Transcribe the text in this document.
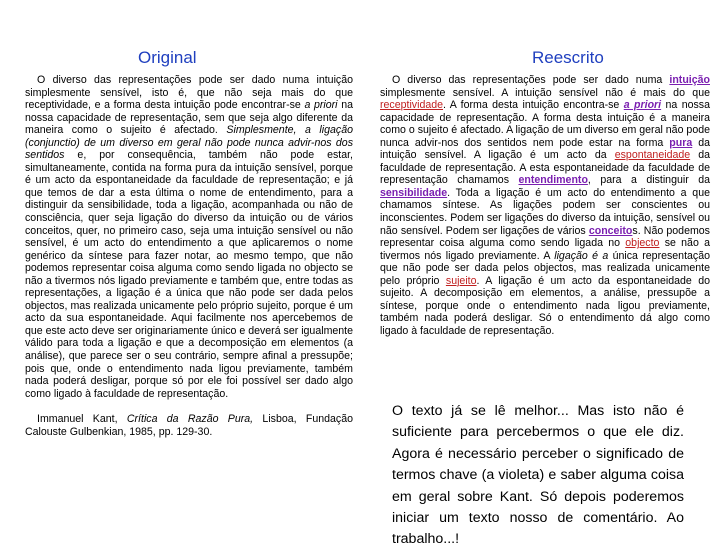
Original	Reescrito

O diverso das representações pode ser dado numa intuição simplesmente sensível, isto é, que não seja mais do que receptividade, e a forma desta intuição pode encontrar-se a priori na nossa capacidade de representação, sem que seja algo diferente da maneira como o sujeito é afectado. Simplesmente, a ligação (conjunctio) de um diverso em geral não pode nunca advir-nos dos sentidos e, por consequência, também não pode estar, simultaneamente, contida na forma pura da intuição sensível, porque é um acto da espontaneidade da faculdade de representação; e já que temos de dar a esta última o nome de entendimento, para a distinguir da sensibilidade, toda a ligação, acompanhada ou não de consciência, quer seja ligação do diverso da intuição ou de vários conceitos, quer, no primeiro caso, seja uma intuição sensível ou não sensível, é um acto do entendimento a que aplicaremos o nome genérico da síntese para fazer notar, ao mesmo tempo, que não podemos representar coisa alguma como sendo ligada no objecto se não a tivermos nós ligado previamente e também que, entre todas as representações, a ligação é a única que não pode ser dada pelos objectos, mas realizada unicamente pelo próprio sujeito, porque é um acto da sua espontaneidade. Aqui facilmente nos apercebemos de que este acto deve ser originariamente único e deverá ser igualmente válido para toda a ligação e que a decomposição em elementos (a análise), que parece ser o seu contrário, sempre afinal a pressupõe; pois que, onde o entendimento nada ligou previamente, também nada poderá desligar, porque só por ele foi possível ser dado algo como ligado à faculdade de representação.

Immanuel Kant, Crítica da Razão Pura, Lisboa, Fundação Calouste Gulbenkian, 1985, pp. 129-30.

O diverso das representações pode ser dado numa intuição simplesmente sensível. A intuição sensível não é mais do que receptividade. A forma desta intuição encontra-se a priori na nossa capacidade de representação. A forma desta intuição é a maneira como o sujeito é afectado. A ligação de um diverso em geral não pode nunca advir-nos dos sentidos nem pode estar na forma pura da intuição sensível. A ligação é um acto da espontaneidade da faculdade de representação. A esta espontaneidade da faculdade de representação chamamos entendimento, para a distinguir da sensibilidade. Toda a ligação é um acto do entendimento a que chamamos síntese. As ligações podem ser conscientes ou inconscientes. Podem ser ligações do diverso da intuição, sensível ou não sensível. Podem ser ligações de vários conceitos. Não podemos representar coisa alguma como sendo ligada no objecto se não a tivermos nós ligado previamente. A ligação é a única representação que não pode ser dada pelos objectos, mas realizada unicamente pelo próprio sujeito. A ligação é um acto da espontaneidade do sujeito. A decomposição em elementos, a análise, pressupõe a síntese, porque onde o entendimento nada ligou previamente, também nada poderá desligar. Só o entendimento dá algo como ligado à faculdade de representação.

O texto já se lê melhor... Mas isto não é suficiente para percebermos o que ele diz. Agora é necessário perceber o significado de termos chave (a violeta) e saber alguma coisa em geral sobre Kant. Só depois poderemos iniciar um texto nosso de comentário. Ao trabalho...!
